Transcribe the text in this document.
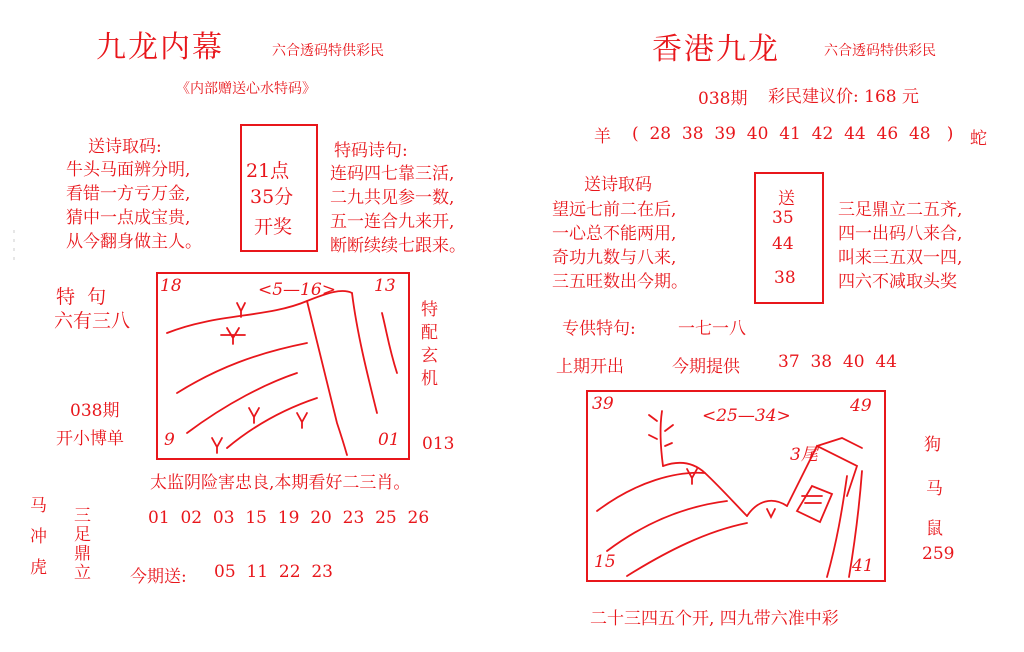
九龙内幕	六合透码特供彩民
《内部赠送心水特码》
送诗取码:
牛头马面辨分明,
看错一方亏万金,
猜中一点成宝贵,
从今翻身做主人。
21点
35分
开奖
特码诗句:
连码四七靠三活,
二九共见参一数,
五一连合九来开,
断断续续七跟来。
特  句
六有三八
038期
开小博单
18	<5—16> 13
9	01
特配玄机
013
太监阴险害忠良,本期看好二三肖。
马冲虎 三足鼎立	01  02  03  15  19  20  23  25  26
今期送: 05  11  22  23
香港九龙	六合透码特供彩民
038期 彩民建议价: 168 元
羊 (  28  38  39  40  41  42  44  46  48   ) 蛇
送诗取码
望远七前二在后,
一心总不能两用,
奇功九数与八来,
三五旺数出今期。
送
35
44
38
三足鼎立二五齐,
四一出码八来合,
叫来三五双一四,
四六不减取头奖
专供特句: 一七一八
上期开出	今期提供 37  38  40  44
39
<25—34>	49
3尾
15	41
狗
马
鼠
259
二十三四五个开, 四九带六准中彩
